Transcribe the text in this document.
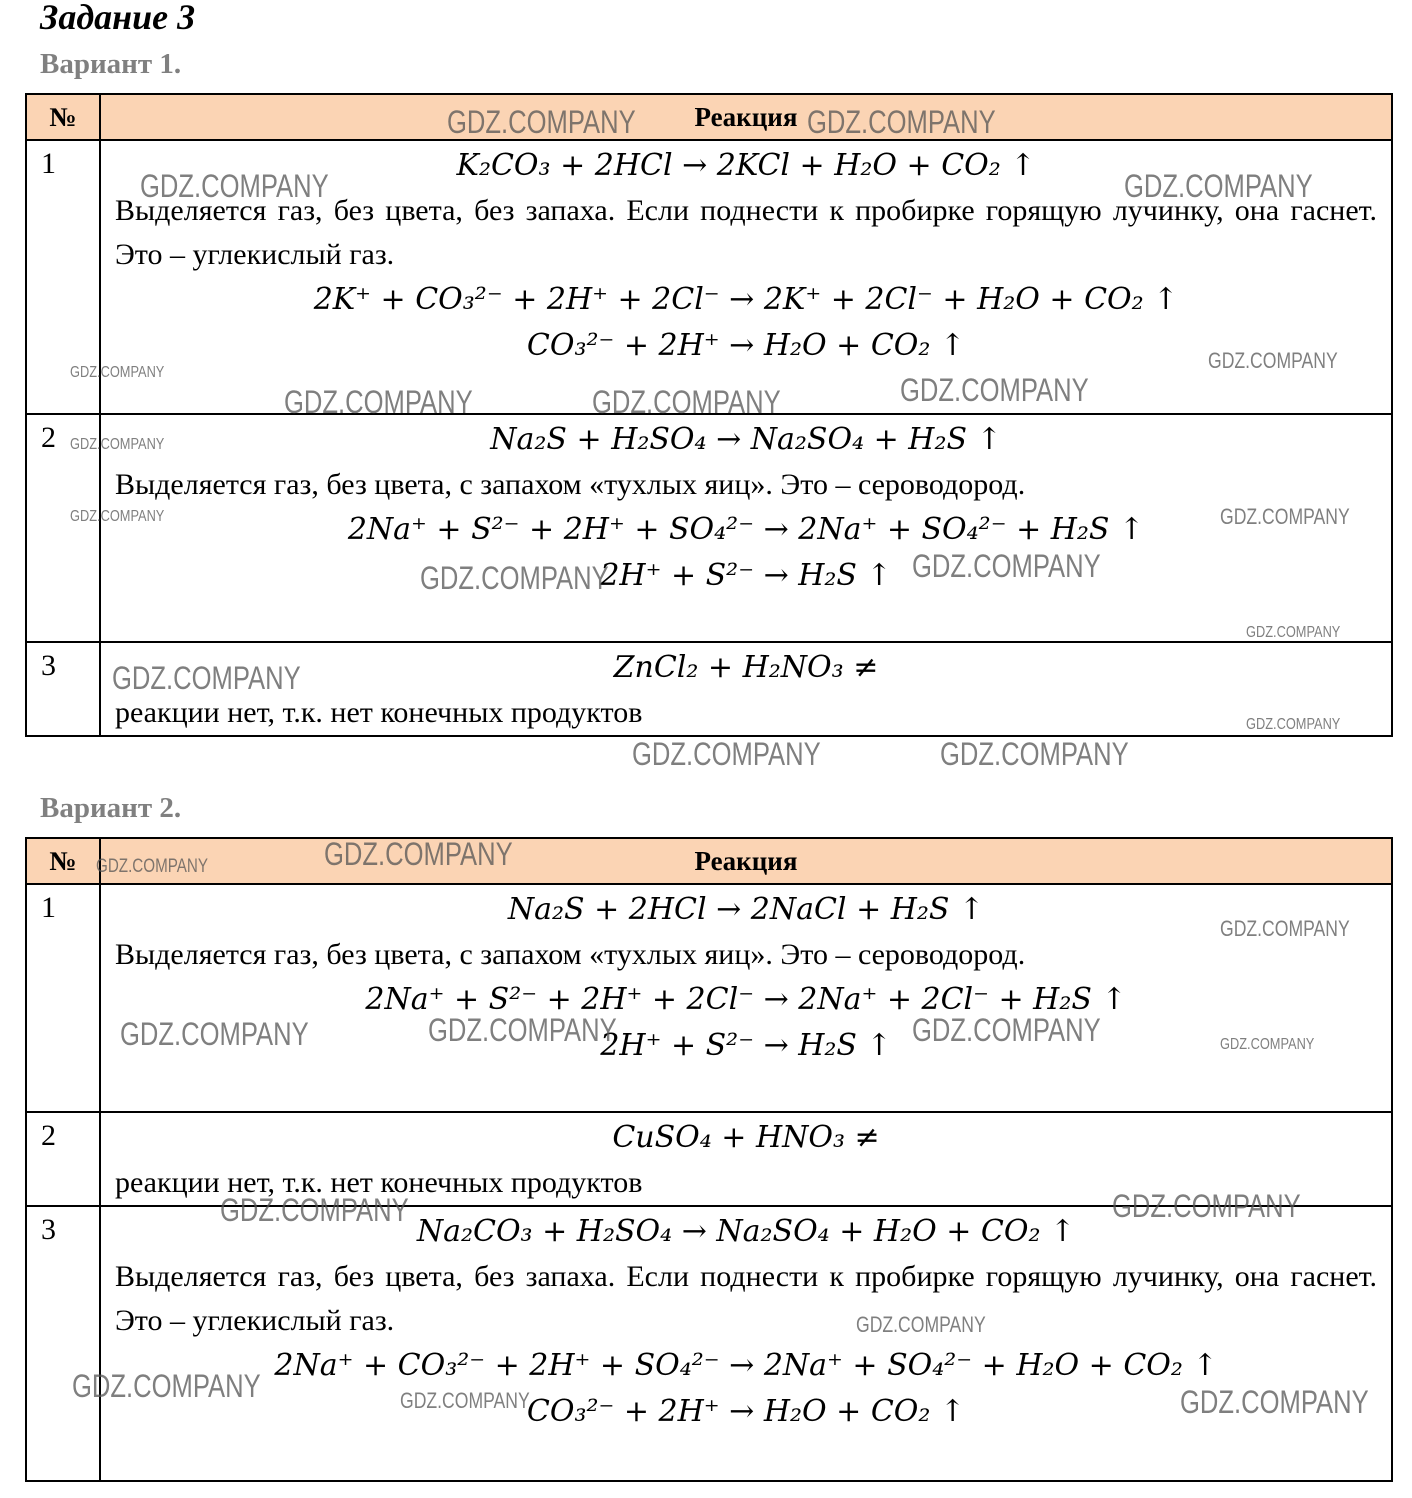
Задание 3
Вариант 1.
№	Реакция
1	K₂CO₃ + 2HCl → 2KCl + H₂O + CO₂ ↑
Выделяется газ, без цвета, без запаха. Если поднести к пробирке горящую лучинку, она гаснет. Это – углекислый газ.
2K⁺ + CO₃²⁻ + 2H⁺ + 2Cl⁻ → 2K⁺ + 2Cl⁻ + H₂O + CO₂ ↑
CO₃²⁻ + 2H⁺ → H₂O + CO₂ ↑

2	Na₂S + H₂SO₄ → Na₂SO₄ + H₂S ↑
Выделяется газ, без цвета, с запахом «тухлых яиц». Это – сероводород.
2Na⁺ + S²⁻ + 2H⁺ + SO₄²⁻ → 2Na⁺ + SO₄²⁻ + H₂S ↑
2H⁺ + S²⁻ → H₂S ↑

3	ZnCl₂ + H₂NO₃ ≠
реакции нет, т.к. нет конечных продуктов
Вариант 2.
№	Реакция
1	Na₂S + 2HCl → 2NaCl + H₂S ↑
Выделяется газ, без цвета, с запахом «тухлых яиц». Это – сероводород.
2Na⁺ + S²⁻ + 2H⁺ + 2Cl⁻ → 2Na⁺ + 2Cl⁻ + H₂S ↑
2H⁺ + S²⁻ → H₂S ↑

2	CuSO₄ + HNO₃ ≠
реакции нет, т.к. нет конечных продуктов

3	Na₂CO₃ + H₂SO₄ → Na₂SO₄ + H₂O + CO₂ ↑
Выделяется газ, без цвета, без запаха. Если поднести к пробирке горящую лучинку, она гаснет. Это – углекислый газ.
2Na⁺ + CO₃²⁻ + 2H⁺ + SO₄²⁻ → 2Na⁺ + SO₄²⁻ + H₂O + CO₂ ↑
CO₃²⁻ + 2H⁺ → H₂O + CO₂ ↑
GDZ.COMPANY	GDZ.COMPANY
GDZ.COMPANY	GDZ.COMPANY
GDZ.COMPANY	GDZ.COMPANY	GDZ.COMPANY
GDZ.COMPANY	GDZ.COMPANY
GDZ.COMPANY
GDZ.COMPANY	GDZ.COMPANY
GDZ.COMPANY
GDZ.COMPANY	GDZ.COMPANY	GDZ.COMPANY
GDZ.COMPANY	GDZ.COMPANY
GDZ.COMPANY	GDZ.COMPANY
GDZ.COMPANY
GDZ.COMPANY
GDZ.COMPANY
GDZ.COMPANY
GDZ.COMPANY
GDZ.COMPANY
GDZ.COMPANY
GDZ.COMPANY
GDZ.COMPANY
GDZ.COMPANY
GDZ.COMPANY
GDZ.COMPANY
